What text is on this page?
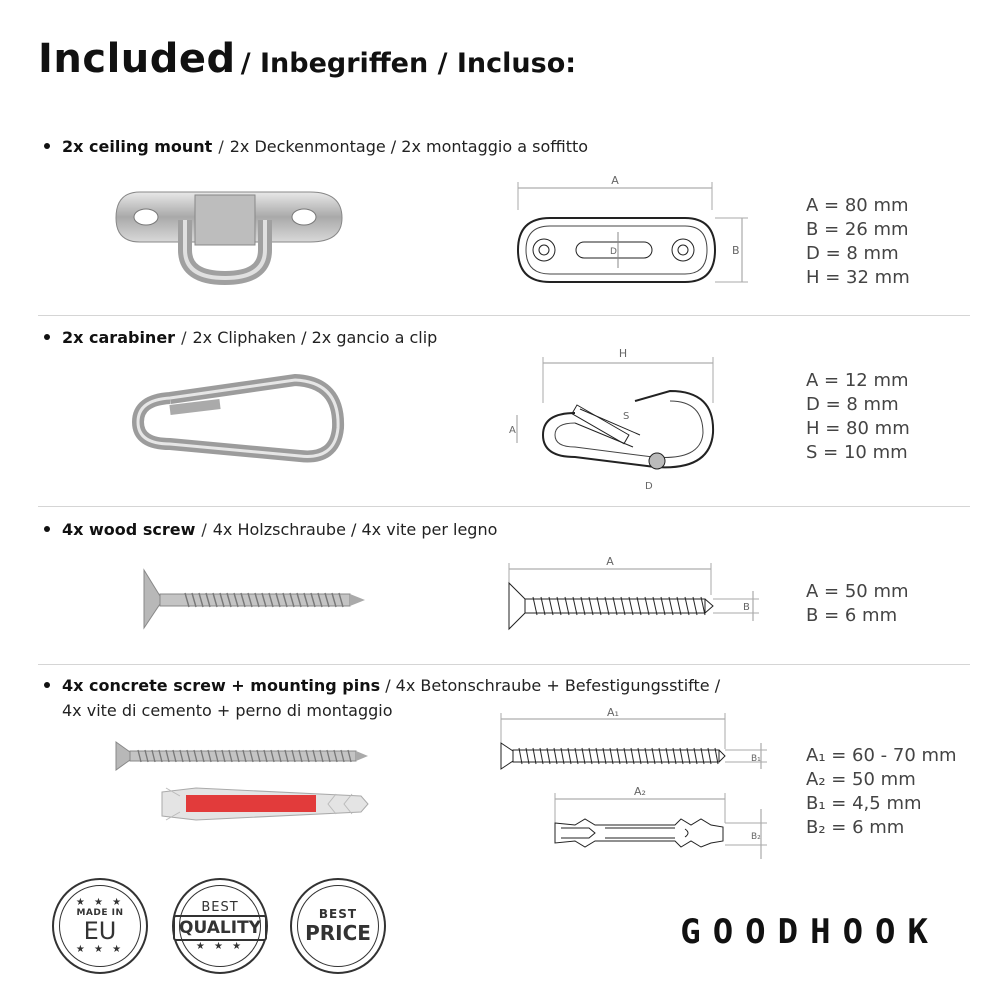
Included / Inbegriffen / Incluso:
2x ceiling mount / 2x Deckenmontage / 2x montaggio a soffitto
A
D	B
A = 80 mm
B = 26 mm
D = 8 mm
H = 32 mm
2x carabiner / 2x Cliphaken / 2x gancio a clip
H
A
S
D
A = 12 mm
D = 8 mm
H = 80 mm
S = 10 mm
4x wood screw / 4x Holzschraube / 4x vite per legno
A
B
A = 50 mm
B = 6 mm
4x concrete screw + mounting pins / 4x Betonschraube + Befestigungsstifte /
4x vite di cemento + perno di montaggio	A₁
B₁
A₂
B₂
A₁ = 60 - 70 mm
A₂ = 50 mm
B₁ = 4,5 mm
B₂ = 6 mm
★ ★ ★
MADE IN
EU
★ ★ ★
BEST
QUALITY
★ ★ ★
BEST
PRICE	GOODHOOK
